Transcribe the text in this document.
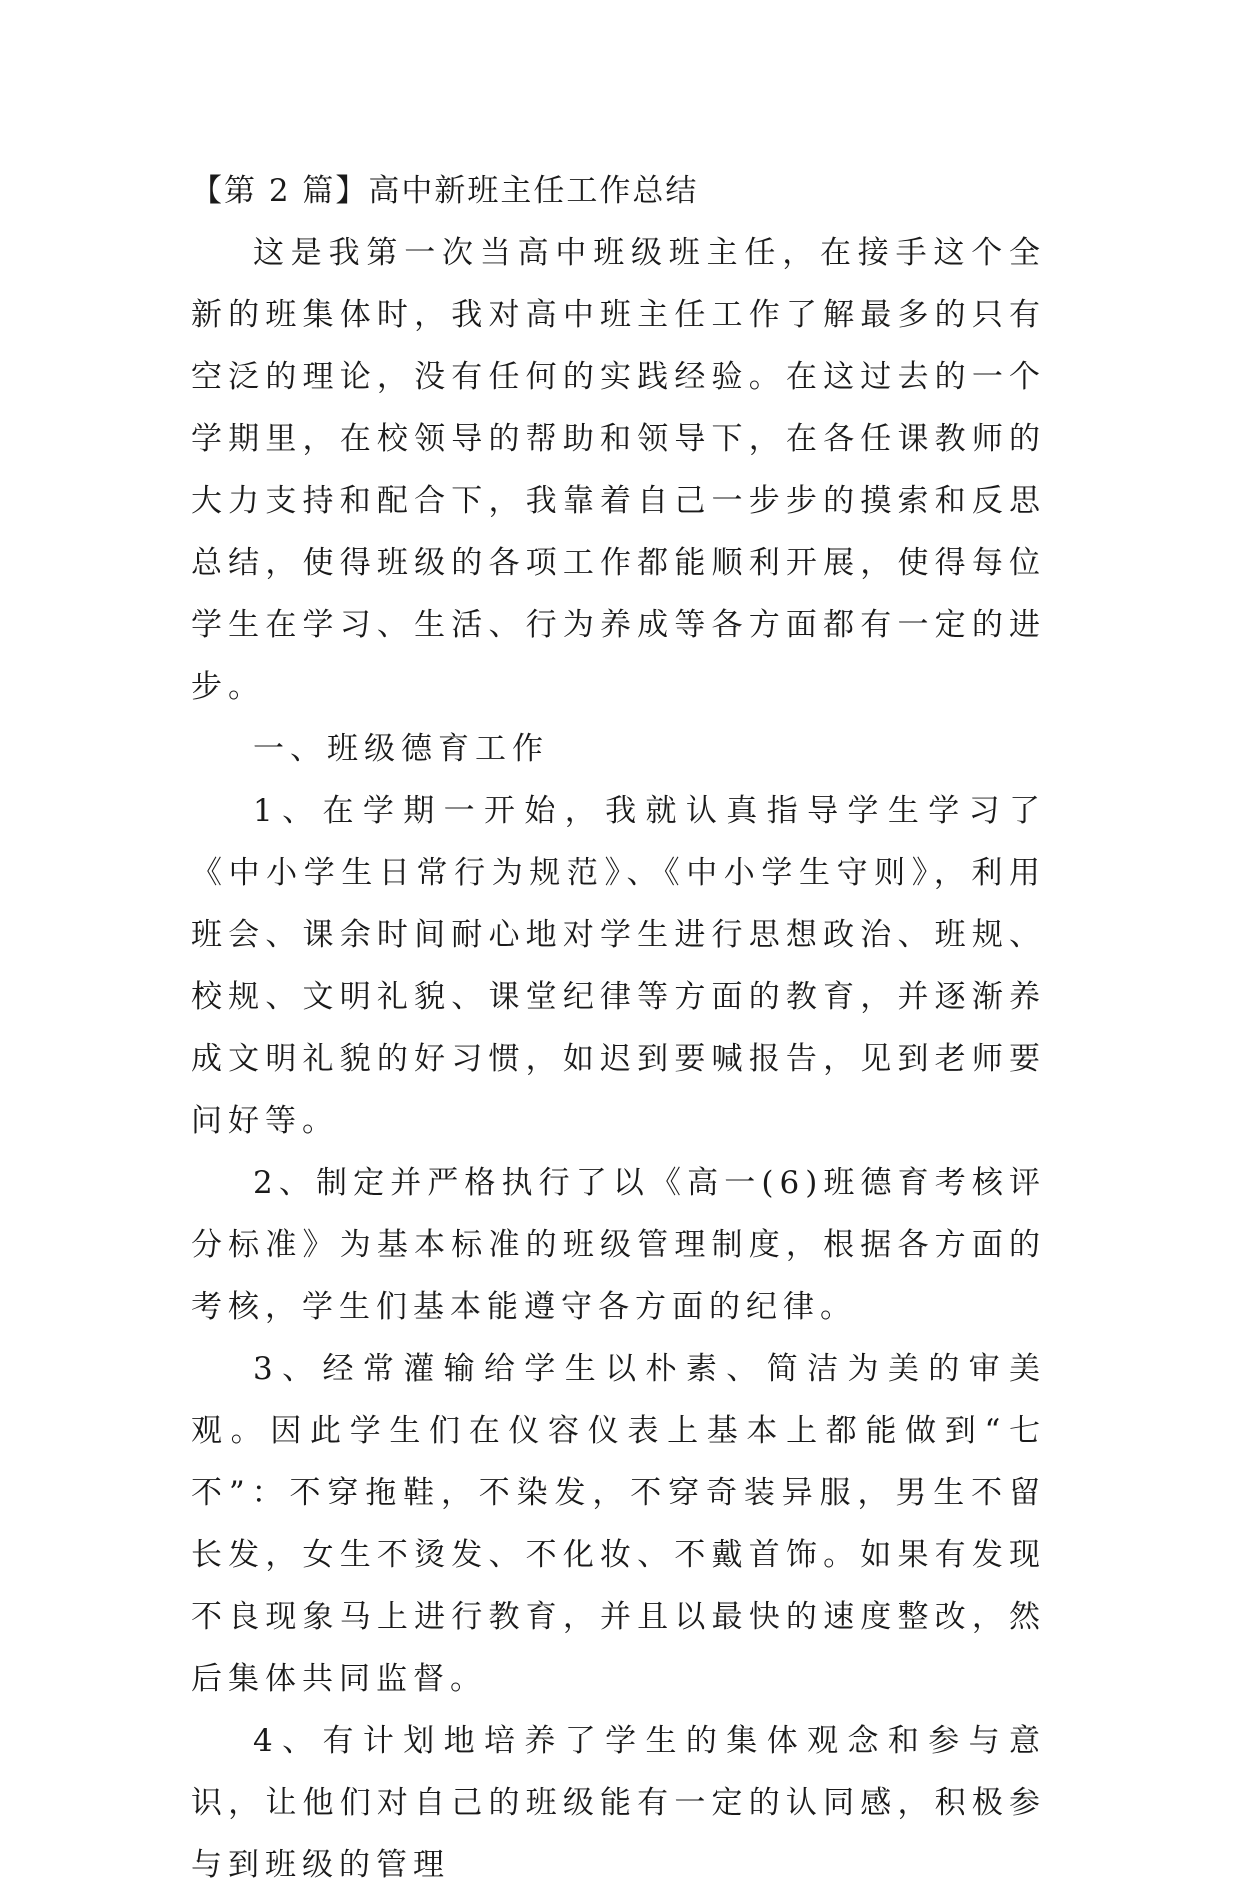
【第 2 篇】高中新班主任工作总结

这是我第一次当高中班级班主任，在接手这个全新的班集体时，我对高中班主任工作了解最多的只有空泛的理论，没有任何的实践经验。在这过去的一个学期里，在校领导的帮助和领导下，在各任课教师的大力支持和配合下，我靠着自己一步步的摸索和反思总结，使得班级的各项工作都能顺利开展，使得每位学生在学习、生活、行为养成等各方面都有一定的进步。

一、班级德育工作

1、在学期一开始，我就认真指导学生学习了《中小学生日常行为规范》、《中小学生守则》，利用班会、课余时间耐心地对学生进行思想政治、班规、校规、文明礼貌、课堂纪律等方面的教育，并逐渐养成文明礼貌的好习惯，如迟到要喊报告，见到老师要问好等。

2、制定并严格执行了以《高一(6)班德育考核评分标准》为基本标准的班级管理制度，根据各方面的考核，学生们基本能遵守各方面的纪律。

3、经常灌输给学生以朴素、简洁为美的审美观。因此学生们在仪容仪表上基本上都能做到“七不”：不穿拖鞋，不染发，不穿奇装异服，男生不留长发，女生不烫发、不化妆、不戴首饰。如果有发现不良现象马上进行教育，并且以最快的速度整改，然后集体共同监督。

4、有计划地培养了学生的集体观念和参与意识，让他们对自己的班级能有一定的认同感，积极参与到班级的管理
